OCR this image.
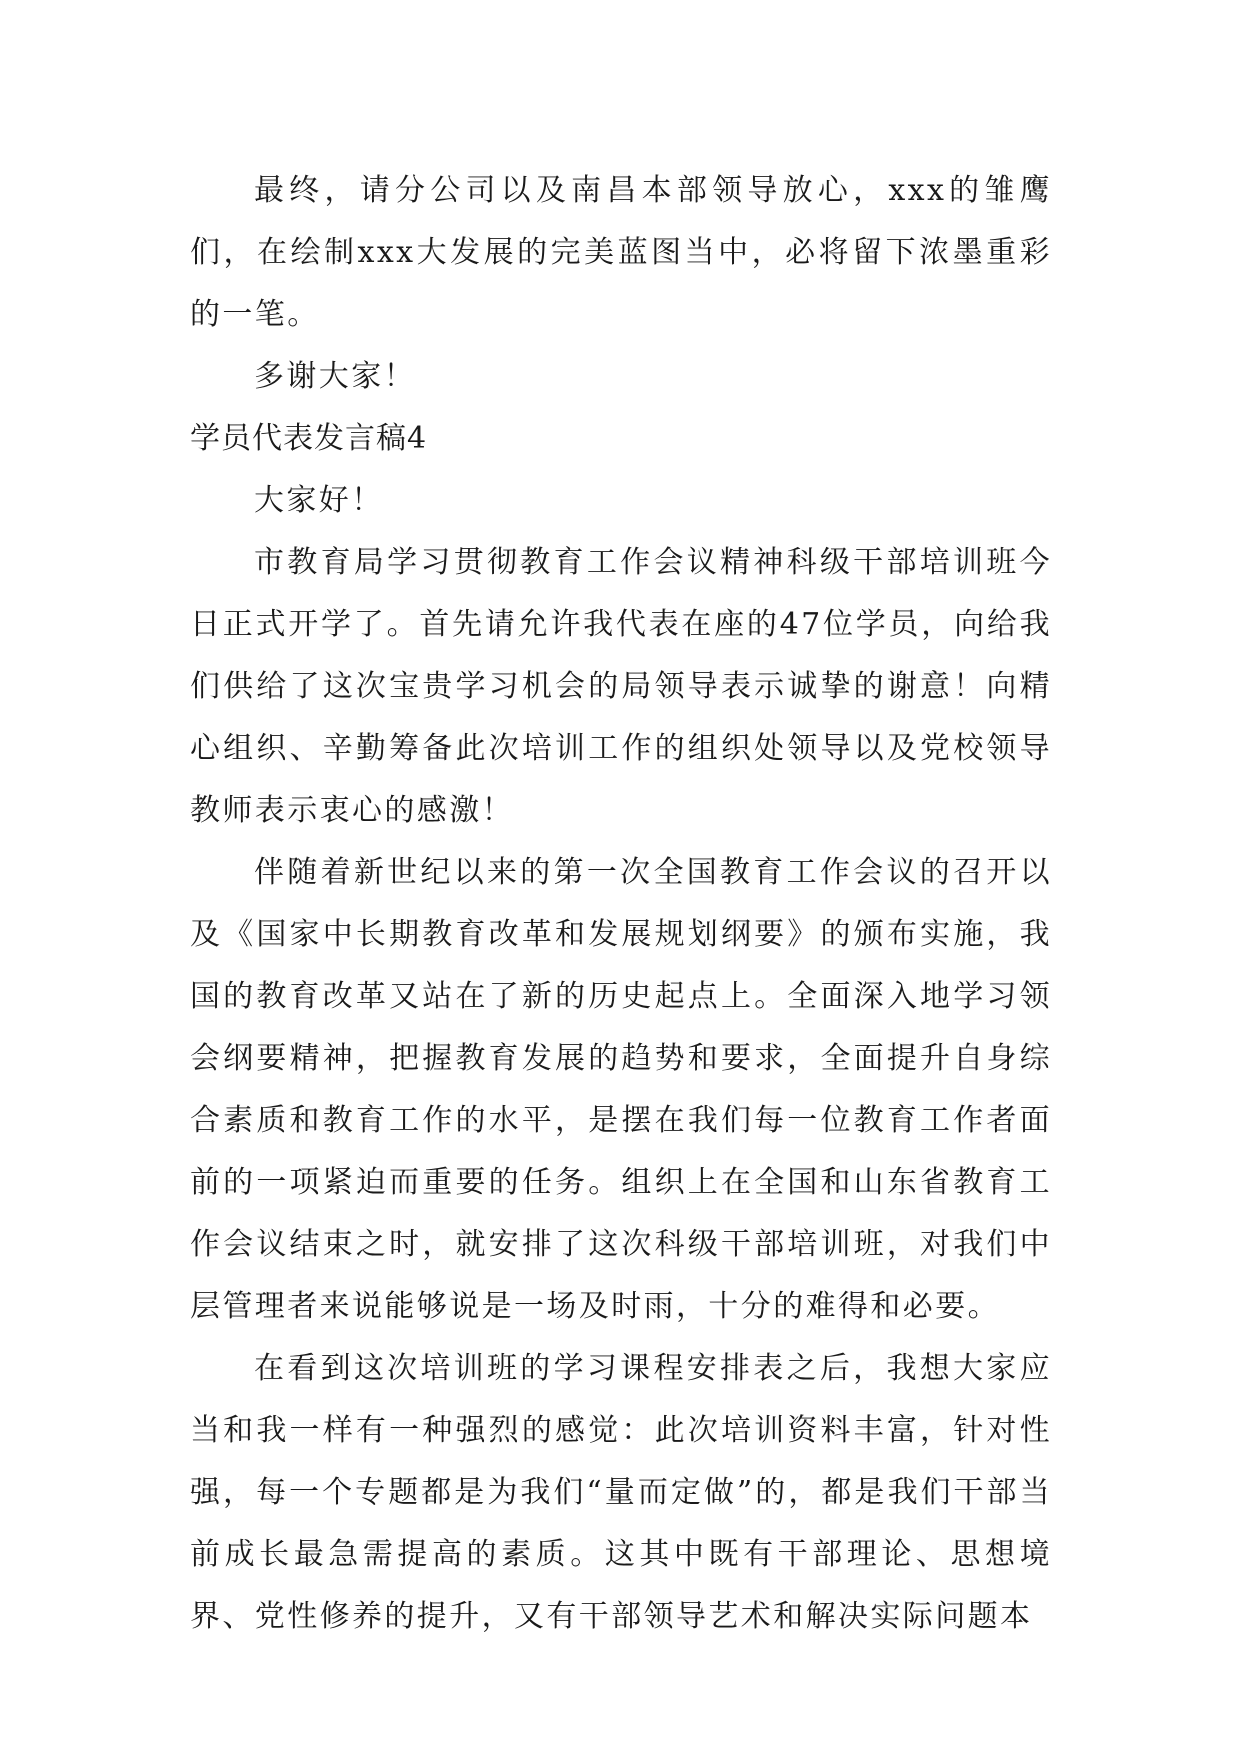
最终，请分公司以及南昌本部领导放心，xxx的雏鹰们，在绘制xxx大发展的完美蓝图当中，必将留下浓墨重彩的一笔。

多谢大家！

学员代表发言稿4

大家好！

市教育局学习贯彻教育工作会议精神科级干部培训班今日正式开学了。首先请允许我代表在座的47位学员，向给我们供给了这次宝贵学习机会的局领导表示诚挚的谢意！向精心组织、辛勤筹备此次培训工作的组织处领导以及党校领导教师表示衷心的感激！

伴随着新世纪以来的第一次全国教育工作会议的召开以及《国家中长期教育改革和发展规划纲要》的颁布实施，我国的教育改革又站在了新的历史起点上。全面深入地学习领会纲要精神，把握教育发展的趋势和要求，全面提升自身综合素质和教育工作的水平，是摆在我们每一位教育工作者面前的一项紧迫而重要的任务。组织上在全国和山东省教育工作会议结束之时，就安排了这次科级干部培训班，对我们中层管理者来说能够说是一场及时雨，十分的难得和必要。

在看到这次培训班的学习课程安排表之后，我想大家应当和我一样有一种强烈的感觉：此次培训资料丰富，针对性强，每一个专题都是为我们“量而定做”的，都是我们干部当前成长最急需提高的素质。这其中既有干部理论、思想境界、党性修养的提升，又有干部领导艺术和解决实际问题本
